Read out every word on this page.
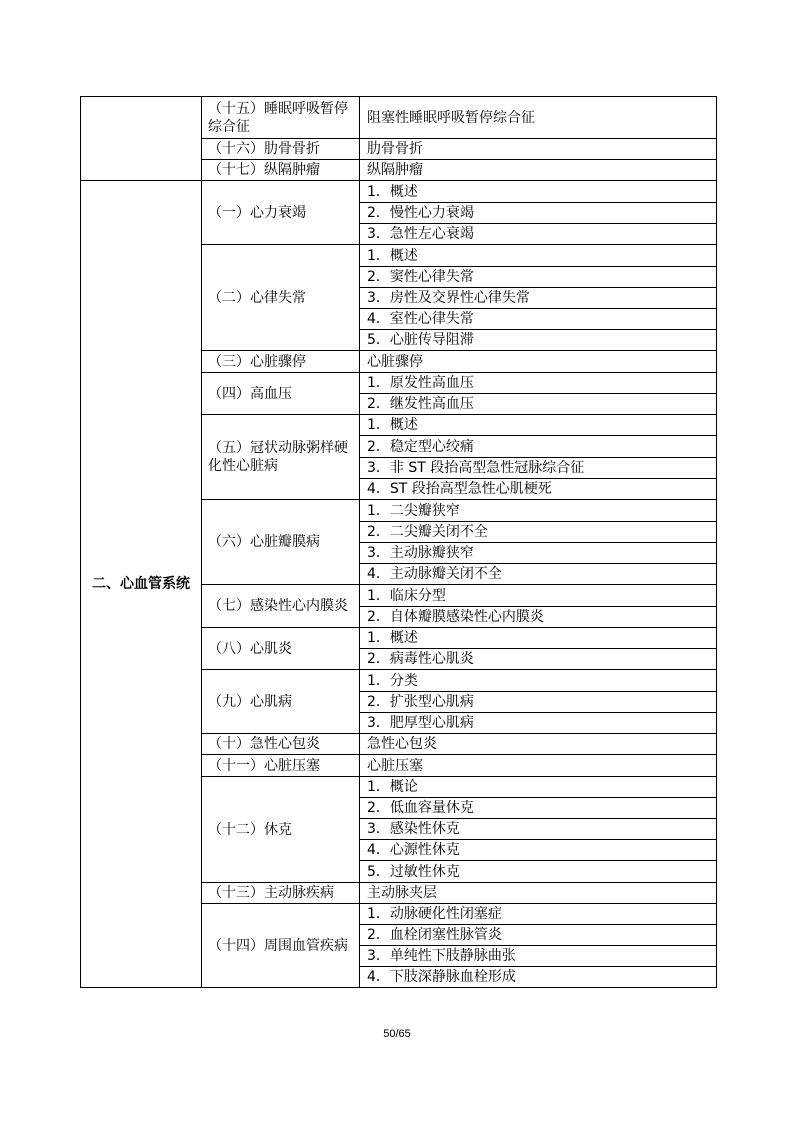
	（十五）睡眠呼吸暂停综合征	阻塞性睡眠呼吸暂停综合征
	（十六）肋骨骨折	肋骨骨折
	（十七）纵隔肿瘤	纵隔肿瘤
二、心血管系统	（一）心力衰竭	1．概述
		2．慢性心力衰竭
		3．急性左心衰竭
	（二）心律失常	1．概述
		2．窦性心律失常
		3．房性及交界性心律失常
		4．室性心律失常
		5．心脏传导阻滞
	（三）心脏骤停	心脏骤停
	（四）高血压	1．原发性高血压
		2．继发性高血压
	（五）冠状动脉粥样硬化性心脏病	1．概述
		2．稳定型心绞痛
		3．非 ST 段抬高型急性冠脉综合征
		4．ST 段抬高型急性心肌梗死
	（六）心脏瓣膜病	1．二尖瓣狭窄
		2．二尖瓣关闭不全
		3．主动脉瓣狭窄
		4．主动脉瓣关闭不全
	（七）感染性心内膜炎	1．临床分型
		2．自体瓣膜感染性心内膜炎
	（八）心肌炎	1．概述
		2．病毒性心肌炎
	（九）心肌病	1．分类
		2．扩张型心肌病
		3．肥厚型心肌病
	（十）急性心包炎	急性心包炎
	（十一）心脏压塞	心脏压塞
	（十二）休克	1．概论
		2．低血容量休克
		3．感染性休克
		4．心源性休克
		5．过敏性休克
	（十三）主动脉疾病	主动脉夹层
	（十四）周围血管疾病	1．动脉硬化性闭塞症
		2．血栓闭塞性脉管炎
		3．单纯性下肢静脉曲张
		4．下肢深静脉血栓形成
50/65
